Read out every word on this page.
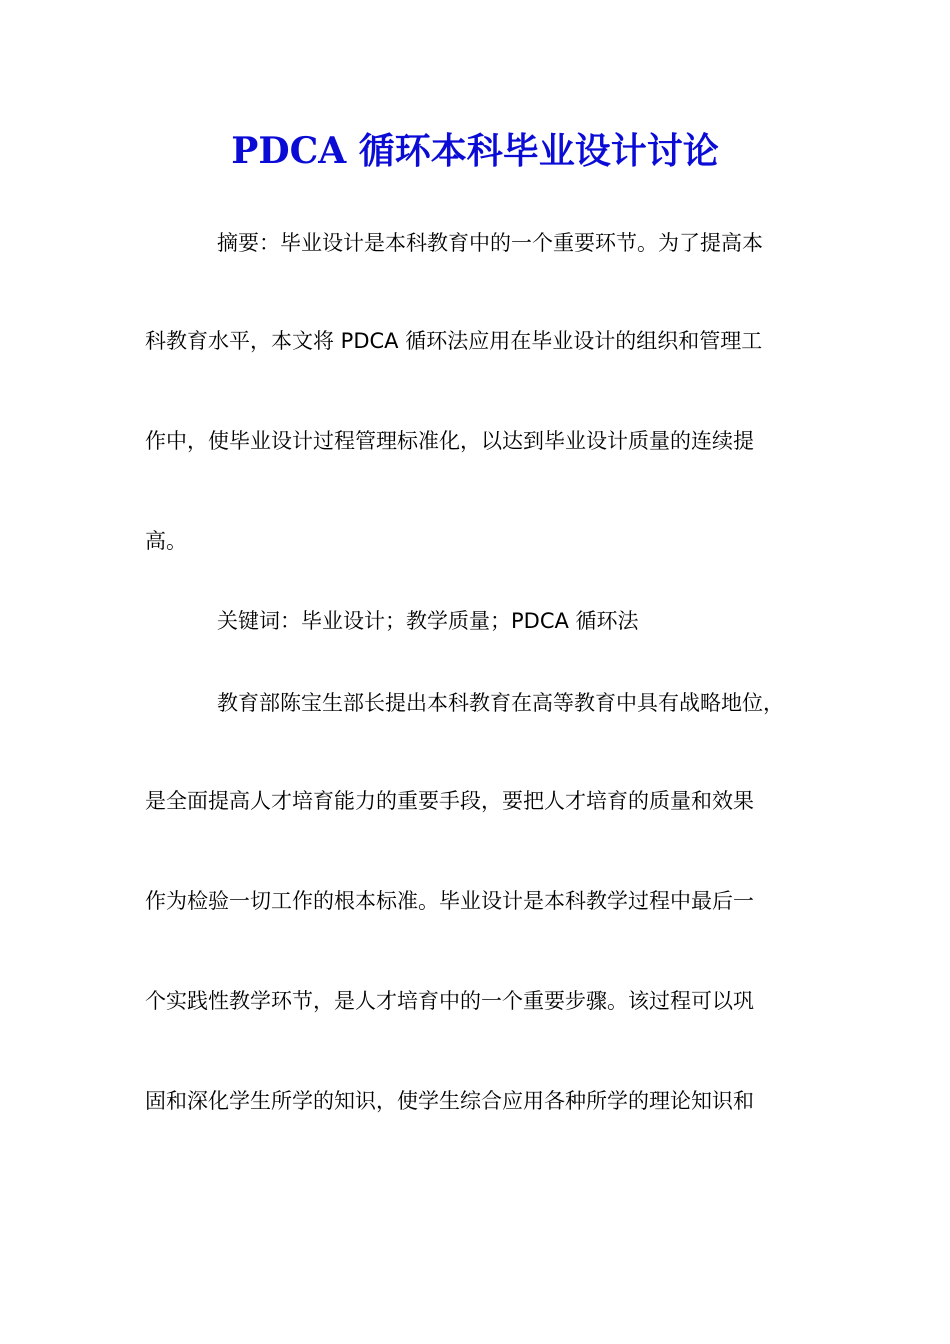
PDCA 循环本科毕业设计讨论

摘要：毕业设计是本科教育中的一个重要环节。为了提高本

科教育水平，本文将 PDCA 循环法应用在毕业设计的组织和管理工

作中，使毕业设计过程管理标准化，以达到毕业设计质量的连续提

高。

关键词：毕业设计；教学质量；PDCA 循环法

教育部陈宝生部长提出本科教育在高等教育中具有战略地位，

是全面提高人才培育能力的重要手段，要把人才培育的质量和效果

作为检验一切工作的根本标准。毕业设计是本科教学过程中最后一

个实践性教学环节，是人才培育中的一个重要步骤。该过程可以巩

固和深化学生所学的知识，使学生综合应用各种所学的理论知识和
